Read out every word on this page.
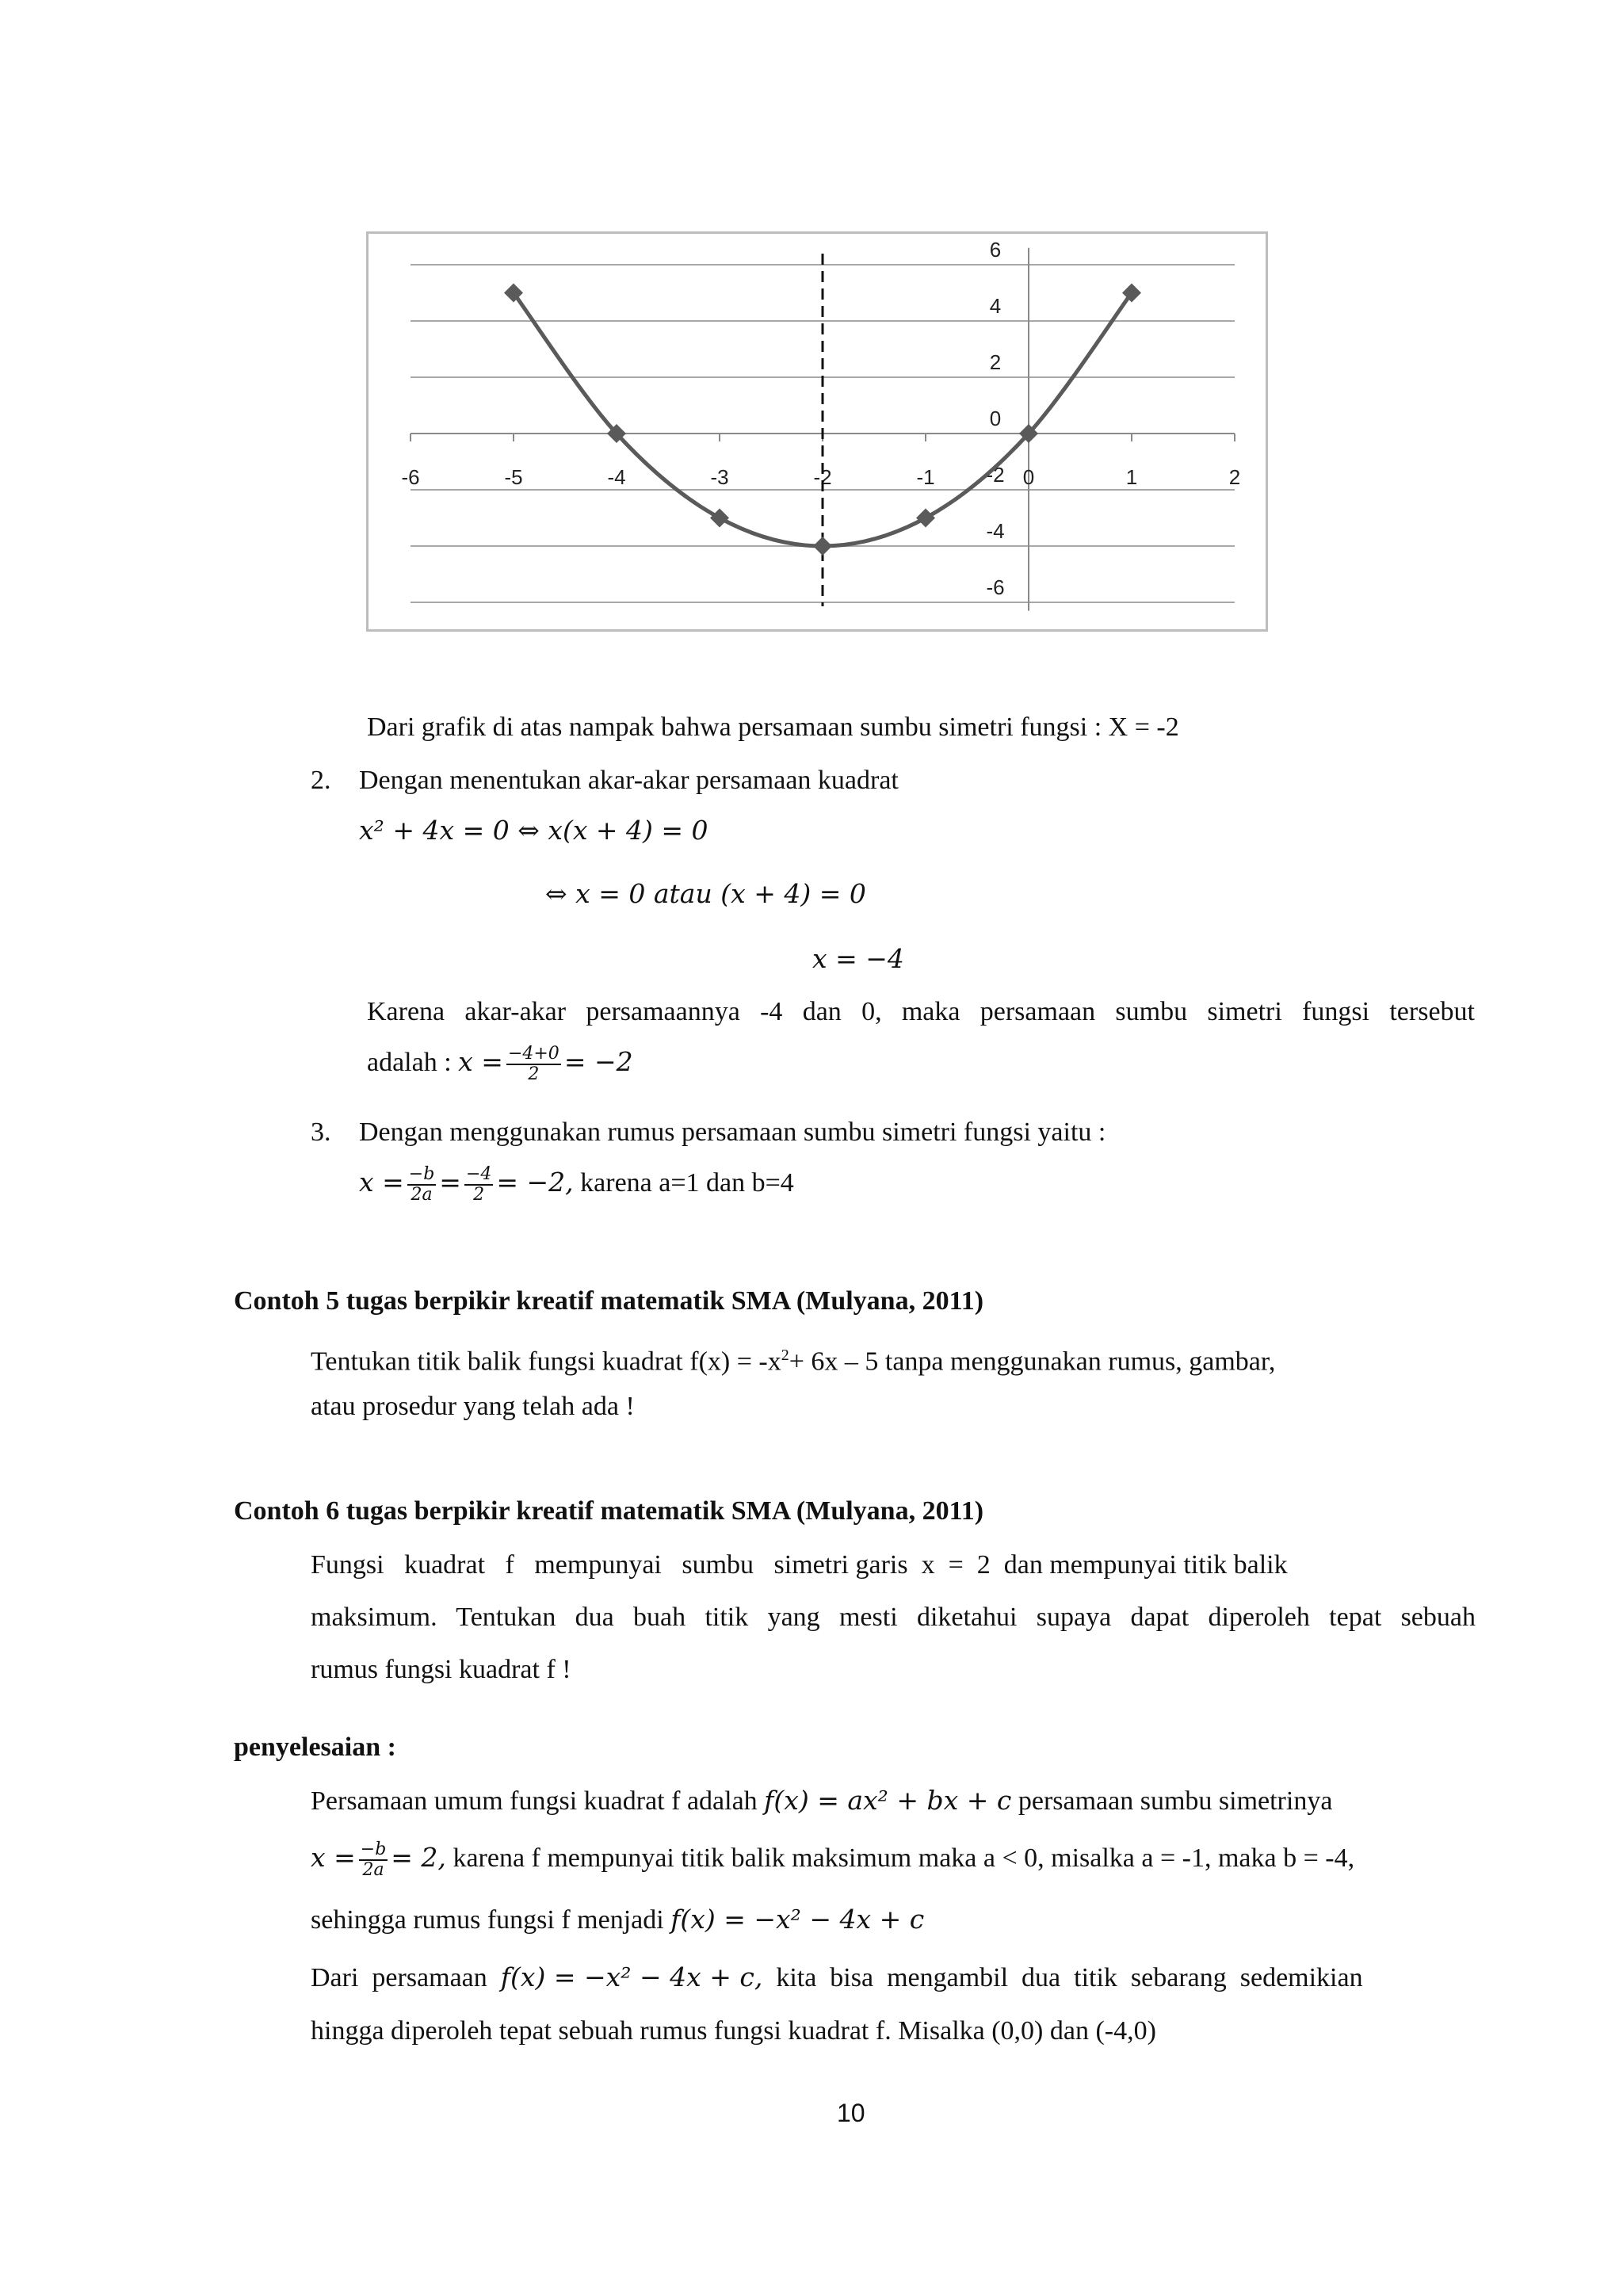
-6	-5	-4	-3	-2	-1	0	1	2
6
4
2
0
-2
-4
-6
Dari grafik di atas nampak bahwa persamaan sumbu simetri fungsi : X = -2
2. Dengan menentukan akar-akar persamaan kuadrat
x² + 4x = 0 ⇔ x(x + 4) = 0
⇔ x = 0 atau (x + 4) = 0
x = −4
Karena akar-akar persamaannya -4 dan 0, maka persamaan sumbu simetri fungsi tersebut
adalah : $x = \frac{-4+0}{2} = -2$
3. Dengan menggunakan rumus persamaan sumbu simetri fungsi yaitu :
$x = \frac{-b}{2a} = \frac{-4}{2} = -2$, karena a=1 dan b=4
Contoh 5 tugas berpikir kreatif matematik SMA (Mulyana, 2011)
Tentukan titik balik fungsi kuadrat $f(x) = -x^2+ 6x - 5$ tanpa menggunakan rumus, gambar,
atau prosedur yang telah ada !
Contoh 6 tugas berpikir kreatif matematik SMA (Mulyana, 2011)
Fungsi   kuadrat   f   mempunyai   sumbu   simetri garis  x  =  2  dan mempunyai titik balik
maksimum. Tentukan dua buah titik yang mesti diketahui supaya dapat diperoleh tepat sebuah
rumus fungsi kuadrat f !
penyelesaian :
Persamaan umum fungsi kuadrat f adalah f(x) = ax² + bx + c persamaan sumbu simetrinya
$x = \frac{-b}{2a} = 2$, karena f mempunyai titik balik maksimum maka a < 0, misalka a = -1, maka b = -4,
sehingga rumus fungsi f menjadi f(x) = −x² − 4x + c
Dari  persamaan  f(x) = −x² − 4x + c,  kita  bisa  mengambil  dua  titik  sebarang  sedemikian
hingga diperoleh tepat sebuah rumus fungsi kuadrat f. Misalka (0,0) dan (-4,0)
10
